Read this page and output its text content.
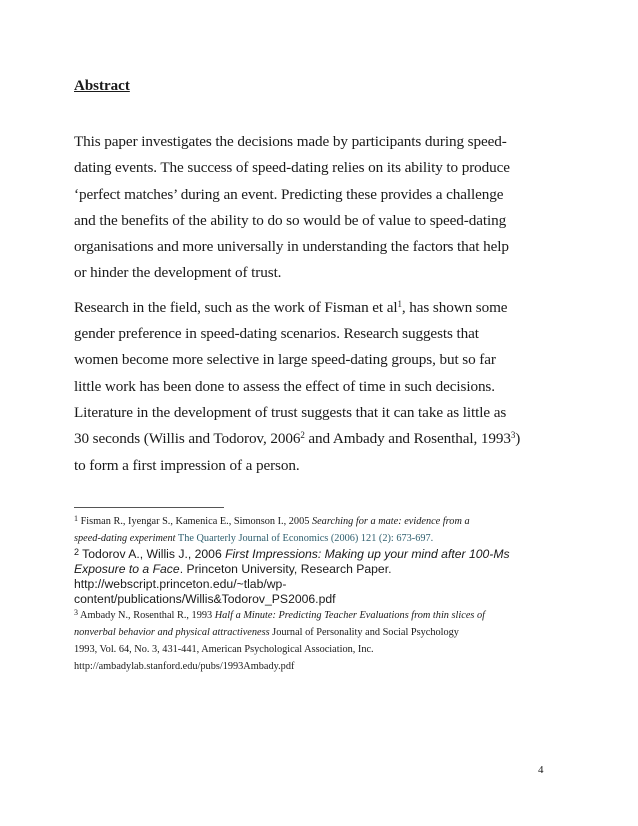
Abstract

This paper investigates the decisions made by participants during speed-
dating events. The success of speed-dating relies on its ability to produce
‘perfect matches’ during an event. Predicting these provides a challenge
and the benefits of the ability to do so would be of value to speed-dating
organisations and more universally in understanding the factors that help
or hinder the development of trust.
Research in the field, such as the work of Fisman et $al^1$, has shown some
gender preference in speed-dating scenarios. Research suggests that
women become more selective in large speed-dating groups, but so far
little work has been done to assess the effect of time in such decisions.
Literature in the development of trust suggests that it can take as little as
30 seconds (Willis and Todorov, 2006$^2$ and Ambady and Rosenthal, 1993$^3$)
to form a first impression of a person.
$^1$ Fisman R., Iyengar S., Kamenica E., Simonson I., 2005 Searching for a mate: evidence from a
speed-dating experiment The Quarterly Journal of Economics (2006) 121 (2): 673-697.
$^2$ Todorov A., Willis J., 2006 First Impressions: Making up your mind after 100-Ms
Exposure to a Face. Princeton University, Research Paper.
http://webscript.princeton.edu/~tlab/wp-
content/publications/Willis&Todorov_PS2006.pdf
$^3$ Ambady N., Rosenthal R., 1993 Half a Minute: Predicting Teacher Evaluations from thin slices of
nonverbal behavior and physical attractiveness Journal of Personality and Social Psychology
1993, Vol. 64, No. 3, 431-441, American Psychological Association, Inc.
http://ambadylab.stanford.edu/pubs/1993Ambady.pdf
4
